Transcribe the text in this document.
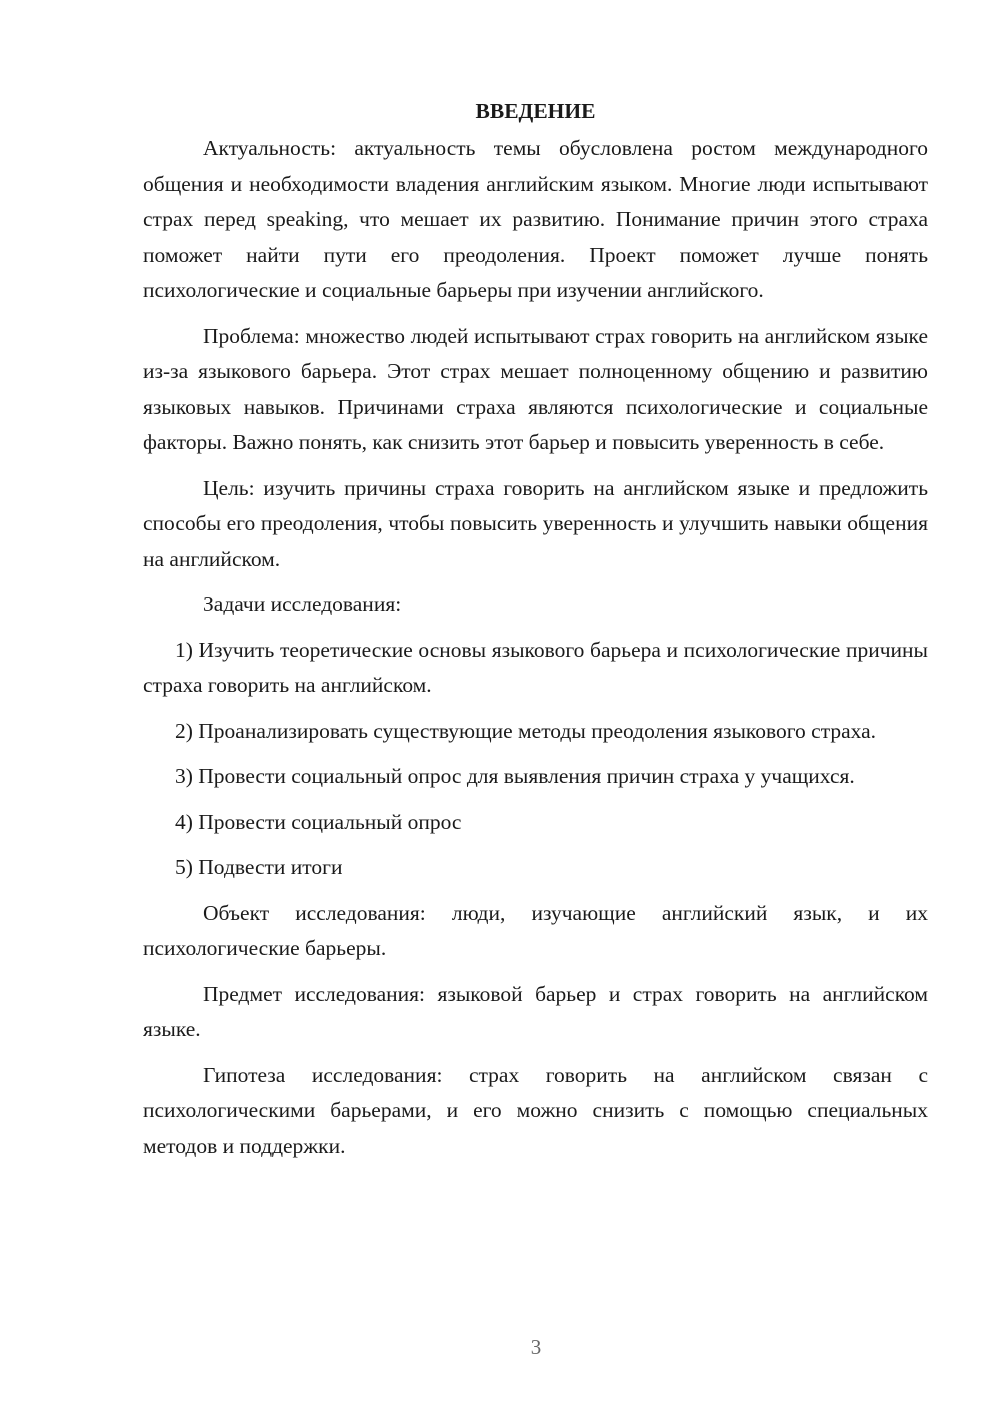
ВВЕДЕНИЕ

Актуальность: актуальность темы обусловлена ростом международного общения и необходимости владения английским языком. Многие люди испытывают страх перед speaking, что мешает их развитию. Понимание причин этого страха поможет найти пути его преодоления. Проект поможет лучше понять психологические и социальные барьеры при изучении английского.

Проблема: множество людей испытывают страх говорить на английском языке из-за языкового барьера. Этот страх мешает полноценному общению и развитию языковых навыков. Причинами страха являются психологические и социальные факторы. Важно понять, как снизить этот барьер и повысить уверенность в себе.

Цель: изучить причины страха говорить на английском языке и предложить способы его преодоления, чтобы повысить уверенность и улучшить навыки общения на английском.

Задачи исследования:

1) Изучить теоретические основы языкового барьера и психологические причины страха говорить на английском.

2) Проанализировать существующие методы преодоления языкового страха.

3) Провести социальный опрос для выявления причин страха у учащихся.

4) Провести социальный опрос

5) Подвести итоги

Объект исследования: люди, изучающие английский язык, и их психологические барьеры.

Предмет исследования: языковой барьер и страх говорить на английском языке.

Гипотеза исследования: страх говорить на английском связан с психологическими барьерами, и его можно снизить с помощью специальных методов и поддержки.

3
